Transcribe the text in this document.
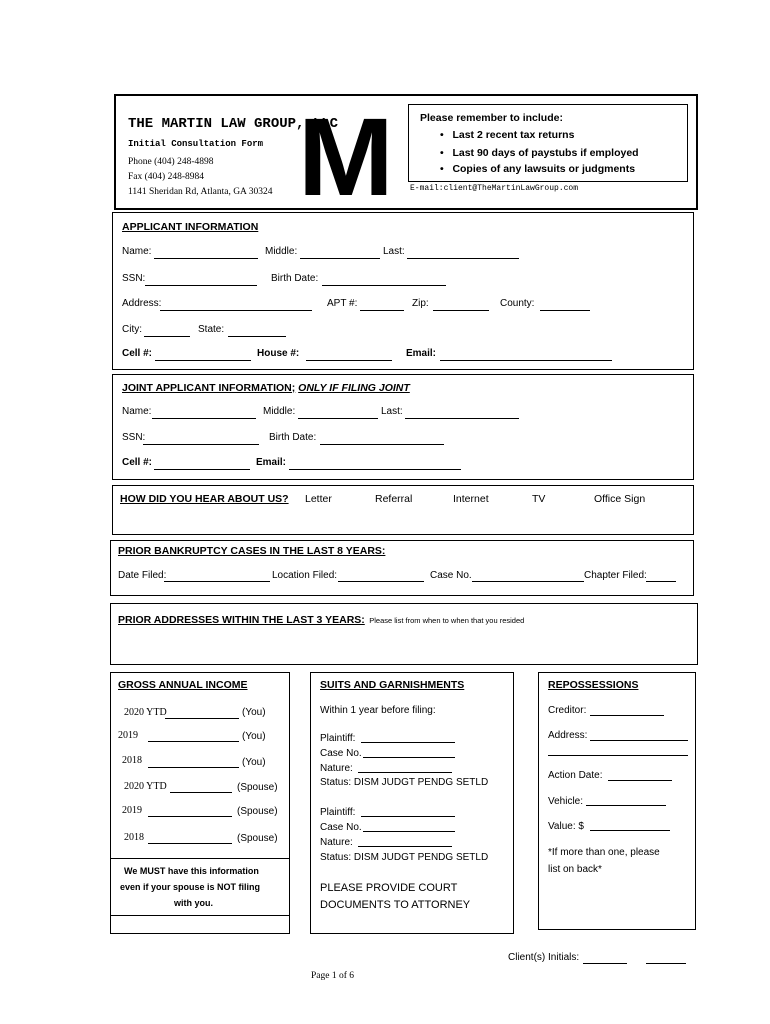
THE MARTIN LAW GROUP, LLC
Initial Consultation Form
Phone (404) 248-4898
Fax (404) 248-8984
1141 Sheridan Rd, Atlanta, GA 30324 M Please remember to include:
•   Last 2 recent tax returns
•   Last 90 days of paystubs if employed
•   Copies of any lawsuits or judgments
E-mail:client@TheMartinLawGroup.com
APPLICANT INFORMATION
Name:	Middle:	Last:
SSN:	Birth Date:
Address:	APT #:	Zip:	County:
City:	State:
Cell #:	House #:	Email:
JOINT APPLICANT INFORMATION; ONLY IF FILING JOINT
Name:	Middle:	Last:
SSN:	Birth Date:
Cell #:	Email:
HOW DID YOU HEAR ABOUT US? Letter	Referral	Internet	TV	Office Sign
PRIOR BANKRUPTCY CASES IN THE LAST 8 YEARS:
Date Filed:	Location Filed:	Case No.	Chapter Filed:
PRIOR ADDRESSES WITHIN THE LAST 3 YEARS: Please list from when to when that you resided
GROSS ANNUAL INCOME
2020 YTD	(You)
2019	(You)
2018	(You)
2020 YTD	(Spouse)
2019	(Spouse)
2018	(Spouse)
We MUST have this information
even if your spouse is NOT filing
with you.
SUITS AND GARNISHMENTS
Within 1 year before filing:
Plaintiff:
Case No.
Nature:
Status: DISM JUDGT PENDG SETLD
Plaintiff:
Case No.
Nature:
Status: DISM JUDGT PENDG SETLD
PLEASE PROVIDE COURT
DOCUMENTS TO ATTORNEY
REPOSSESSIONS
Creditor:
Address:
Action Date:
Vehicle:
Value: $
*If more than one, please
list on back*
Client(s) Initials:
Page 1 of 6
